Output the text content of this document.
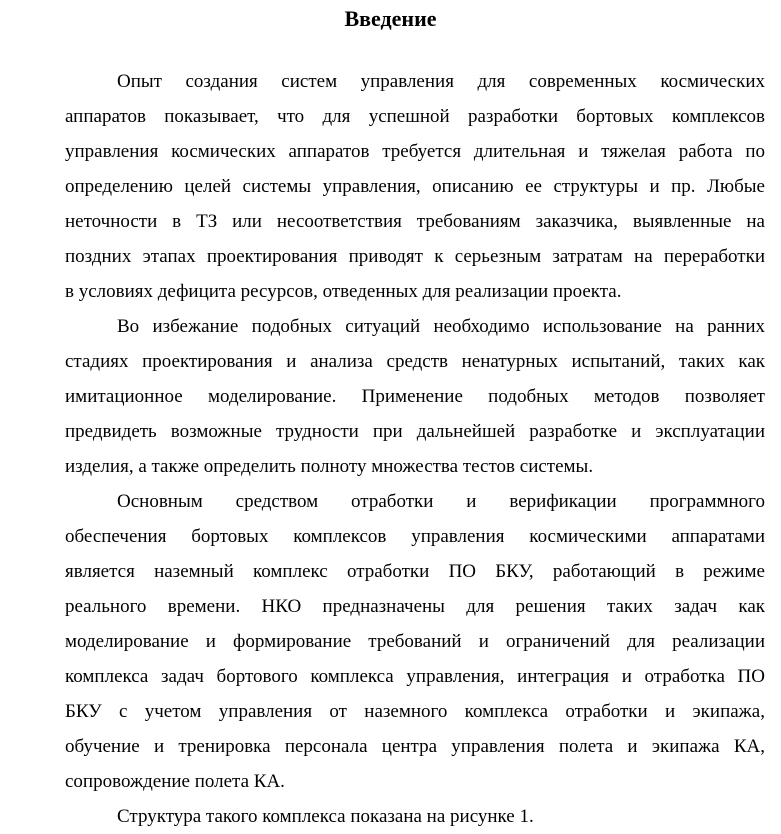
Введение
Опыт создания систем управления для современных космических
аппаратов показывает, что для успешной разработки бортовых комплексов
управления космических аппаратов требуется длительная и тяжелая работа по
определению целей системы управления, описанию ее структуры и пр. Любые
неточности в ТЗ или несоответствия требованиям заказчика, выявленные на
поздних этапах проектирования приводят к серьезным затратам на переработки
в условиях дефицита ресурсов, отведенных для реализации проекта.
Во избежание подобных ситуаций необходимо использование на ранних
стадиях проектирования и анализа средств ненатурных испытаний, таких как
имитационное моделирование. Применение подобных методов позволяет
предвидеть возможные трудности при дальнейшей разработке и эксплуатации
изделия, а также определить полноту множества тестов системы.
Основным средством отработки и верификации программного
обеспечения бортовых комплексов управления космическими аппаратами
является наземный комплекс отработки ПО БКУ, работающий в режиме
реального времени. НКО предназначены для решения таких задач как
моделирование и формирование требований и ограничений для реализации
комплекса задач бортового комплекса управления, интеграция и отработка ПО
БКУ с учетом управления от наземного комплекса отработки и экипажа,
обучение и тренировка персонала центра управления полета и экипажа КА,
сопровождение полета КА.
Структура такого комплекса показана на рисунке 1.
